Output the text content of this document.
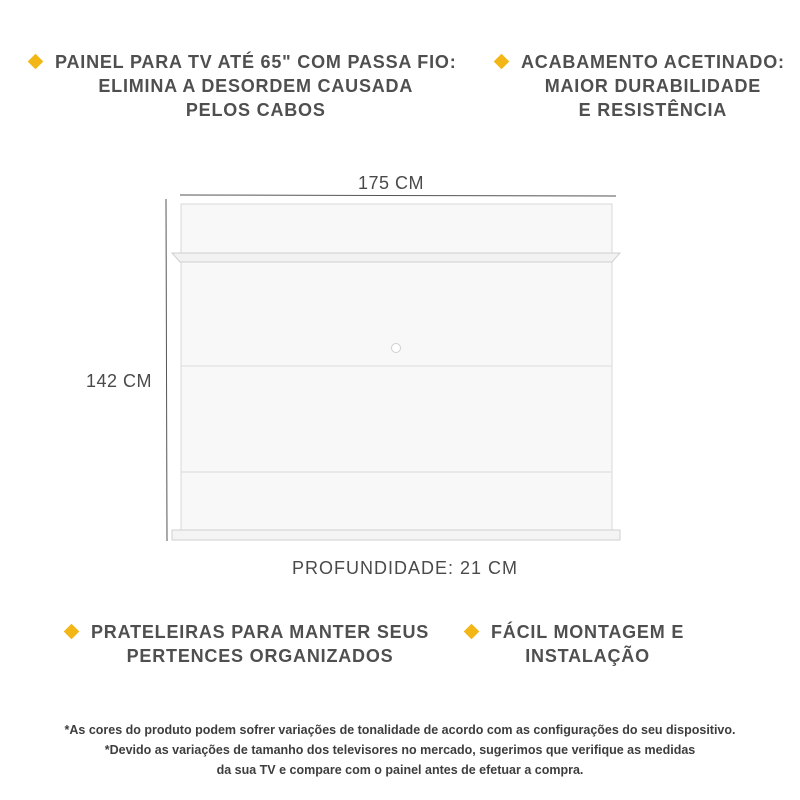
PAINEL PARA TV ATÉ 65" COM PASSA FIO:
ELIMINA A DESORDEM CAUSADA
PELOS CABOS
ACABAMENTO ACETINADO:
MAIOR DURABILIDADE
E RESISTÊNCIA
175 CM
142 CM
PROFUNDIDADE: 21 CM
PRATELEIRAS PARA MANTER SEUS
PERTENCES ORGANIZADOS
FÁCIL MONTAGEM E
INSTALAÇÃO
*As cores do produto podem sofrer variações de tonalidade de acordo com as configurações do seu dispositivo.
*Devido as variações de tamanho dos televisores no mercado, sugerimos que verifique as medidas
da sua TV e compare com o painel antes de efetuar a compra.
